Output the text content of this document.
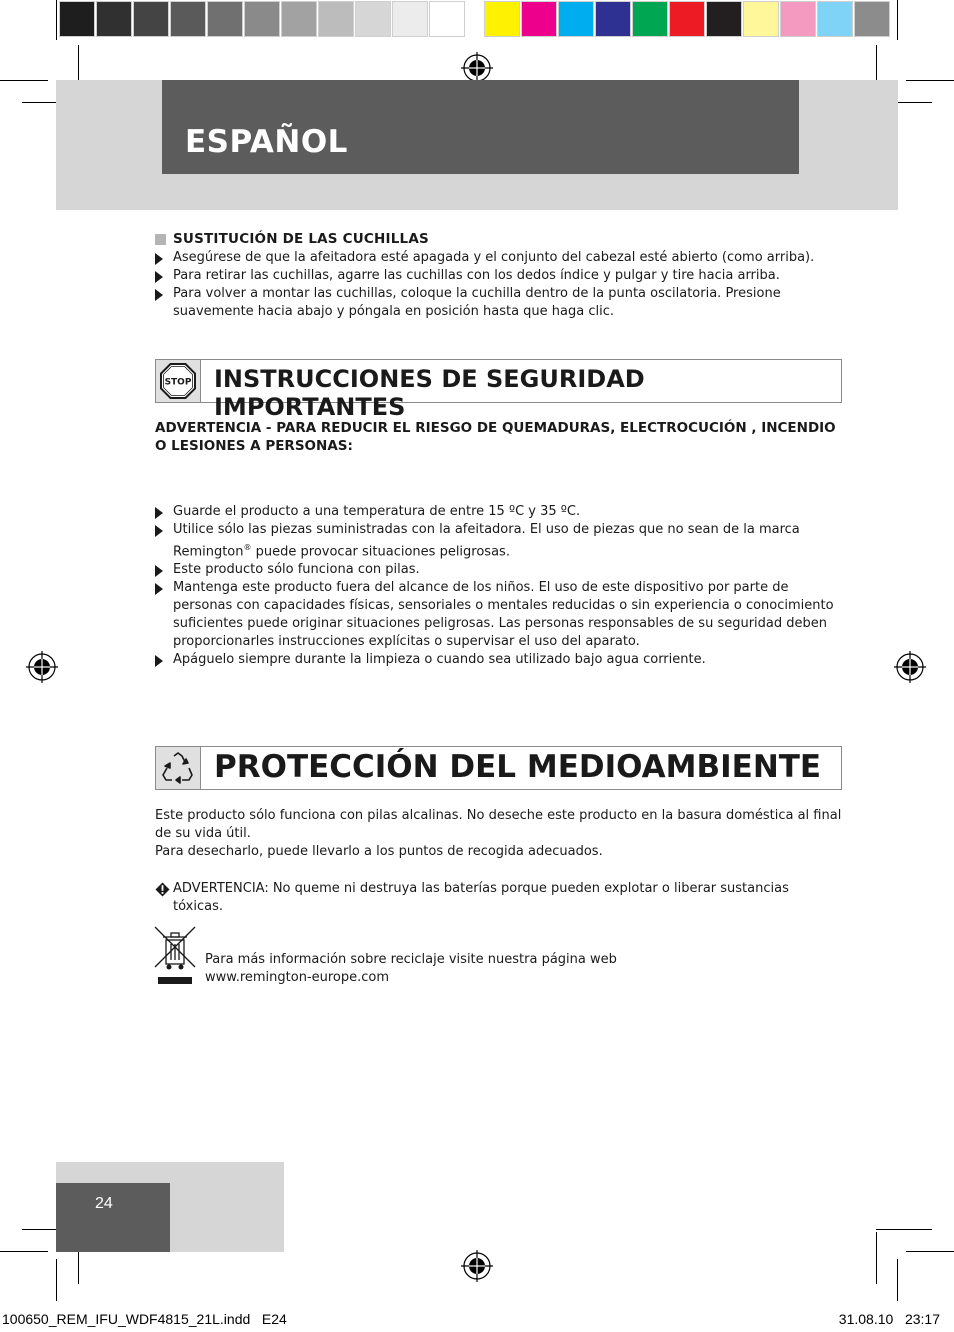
ESPAÑOL
SUSTITUCIÓN DE LAS CUCHILLAS
Asegúrese de que la afeitadora esté apagada y el conjunto del cabezal esté abierto (como arriba).
Para retirar las cuchillas, agarre las cuchillas con los dedos índice y pulgar y tire hacia arriba.
Para volver a montar las cuchillas, coloque la cuchilla dentro de la punta oscilatoria. Presione suavemente hacia abajo y póngala en posición hasta que haga clic.
STOP INSTRUCCIONES DE SEGURIDAD IMPORTANTES
ADVERTENCIA - PARA REDUCIR EL RIESGO DE QUEMADURAS, ELECTROCUCIÓN , INCENDIO O LESIONES A PERSONAS:
Guarde el producto a una temperatura de entre 15 ºC y 35 ºC.
Utilice sólo las piezas suministradas con la afeitadora. El uso de piezas que no sean de la marca Remington® puede provocar situaciones peligrosas.
Este producto sólo funciona con pilas.
Mantenga este producto fuera del alcance de los niños. El uso de este dispositivo por parte de personas con capacidades físicas, sensoriales o mentales reducidas o sin experiencia o conocimiento suficientes puede originar situaciones peligrosas. Las personas responsables de su seguridad deben proporcionarles instrucciones explícitas o supervisar el uso del aparato.
Apáguelo siempre durante la limpieza o cuando sea utilizado bajo agua corriente.
PROTECCIÓN DEL MEDIOAMBIENTE

Este producto sólo funciona con pilas alcalinas. No deseche este producto en la basura doméstica al final de su vida útil.

Para desecharlo, puede llevarlo a los puntos de recogida adecuados.

ADVERTENCIA: No queme ni destruya las baterías porque pueden explotar o liberar sustancias tóxicas.
Para más información sobre reciclaje visite nuestra página web
www.remington-europe.com
24
100650_REM_IFU_WDF4815_21L.indd   E24	31.08.10   23:17
